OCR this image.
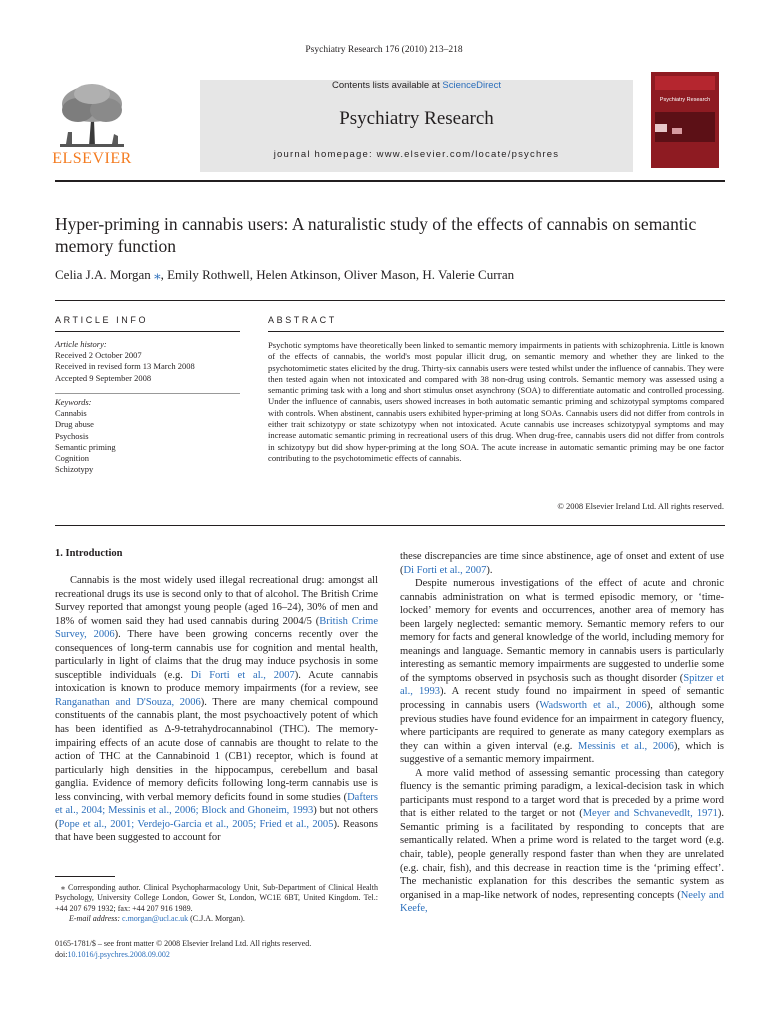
Psychiatry Research 176 (2010) 213–218
ELSEVIER
Contents lists available at ScienceDirect
Psychiatry Research
journal homepage: www.elsevier.com/locate/psychres
Psychiatry Research
Hyper-priming in cannabis users: A naturalistic study of the effects of cannabis on semantic memory function
Celia J.A. Morgan ⁎, Emily Rothwell, Helen Atkinson, Oliver Mason, H. Valerie Curran
ARTICLE INFO
Article history:
Received 2 October 2007
Received in revised form 13 March 2008
Accepted 9 September 2008
Keywords:
Cannabis
Drug abuse
Psychosis
Semantic priming
Cognition
Schizotypy
ABSTRACT
Psychotic symptoms have theoretically been linked to semantic memory impairments in patients with schizophrenia. Little is known of the effects of cannabis, the world's most popular illicit drug, on semantic memory and whether they are linked to the psychotomimetic states elicited by the drug. Thirty-six cannabis users were tested whilst under the influence of cannabis. They were then tested again when not intoxicated and compared with 38 non-drug using controls. Semantic memory was assessed using a semantic priming task with a long and short stimulus onset asynchrony (SOA) to differentiate automatic and controlled processing. Under the influence of cannabis, users showed increases in both automatic semantic priming and schizotypal symptoms compared with controls. When abstinent, cannabis users exhibited hyper-priming at long SOAs. Cannabis users did not differ from controls in either trait schizotypy or state schizotypy when not intoxicated. Acute cannabis use increases schizotypyal symptoms and may increase automatic semantic priming in recreational users of this drug. When drug-free, cannabis users did not differ from controls in schizotypy but did show hyper-priming at the long SOA. The acute increase in automatic semantic priming may be one factor contributing to the psychotomimetic effects of cannabis.
© 2008 Elsevier Ireland Ltd. All rights reserved.
1. Introduction

Cannabis is the most widely used illegal recreational drug: amongst all recreational drugs its use is second only to that of alcohol. The British Crime Survey reported that amongst young people (aged 16–24), 30% of men and 18% of women said they had used cannabis during 2004/5 (British Crime Survey, 2006). There have been growing concerns recently over the consequences of long-term cannabis use for cognition and mental health, particularly in light of claims that the drug may induce psychosis in some susceptible individuals (e.g. Di Forti et al., 2007). Acute cannabis intoxication is known to produce memory impairments (for a review, see Ranganathan and D'Souza, 2006). There are many chemical compound constituents of the cannabis plant, the most psychoactively potent of which has been identified as Δ-9-tetrahydrocannabinol (THC). The memory-impairing effects of an acute dose of cannabis are thought to relate to the action of THC at the Cannabinoid 1 (CB1) receptor, which is found at particularly high densities in the hippocampus, cerebellum and basal ganglia. Evidence of memory deficits following long-term cannabis use is less convincing, with verbal memory deficits found in some studies (Dafters et al., 2004; Messinis et al., 2006; Block and Ghoneim, 1993) but not others (Pope et al., 2001; Verdejo-Garcia et al., 2005; Fried et al., 2005). Reasons that have been suggested to account for

⁎ Corresponding author. Clinical Psychopharmacology Unit, Sub-Department of Clinical Health Psychology, University College London, Gower St, London, WC1E 6BT, United Kingdom. Tel.: +44 207 679 1932; fax: +44 207 916 1989.
E-mail address: c.morgan@ucl.ac.uk (C.J.A. Morgan).
0165-1781/$ – see front matter © 2008 Elsevier Ireland Ltd. All rights reserved.
doi:10.1016/j.psychres.2008.09.002

these discrepancies are time since abstinence, age of onset and extent of use (Di Forti et al., 2007).

Despite numerous investigations of the effect of acute and chronic cannabis administration on what is termed episodic memory, or ‘time-locked’ memory for events and occurrences, another area of memory has been largely neglected: semantic memory. Semantic memory refers to our memory for facts and general knowledge of the world, including memory for meanings and language. Semantic memory in cannabis users is particularly interesting as semantic memory impairments are suggested to underlie some of the symptoms observed in psychosis such as thought disorder (Spitzer et al., 1993). A recent study found no impairment in speed of semantic processing in cannabis users (Wadsworth et al., 2006), although some previous studies have found evidence for an impairment in category fluency, where participants are required to generate as many category exemplars as they can within a given interval (e.g. Messinis et al., 2006), which is suggestive of a semantic memory impairment.

A more valid method of assessing semantic processing than category fluency is the semantic priming paradigm, a lexical-decision task in which participants must respond to a target word that is preceded by a prime word that is either related to the target or not (Meyer and Schvanevedlt, 1971). Semantic priming is a facilitated by responding to concepts that are semantically related. When a prime word is related to the target word (e.g. chair, table), people generally respond faster than when they are unrelated (e.g. chair, fish), and this decrease in reaction time is the ‘priming effect’. The mechanistic explanation for this describes the semantic system as organised in a map-like network of nodes, representing concepts (Neely and Keefe,
